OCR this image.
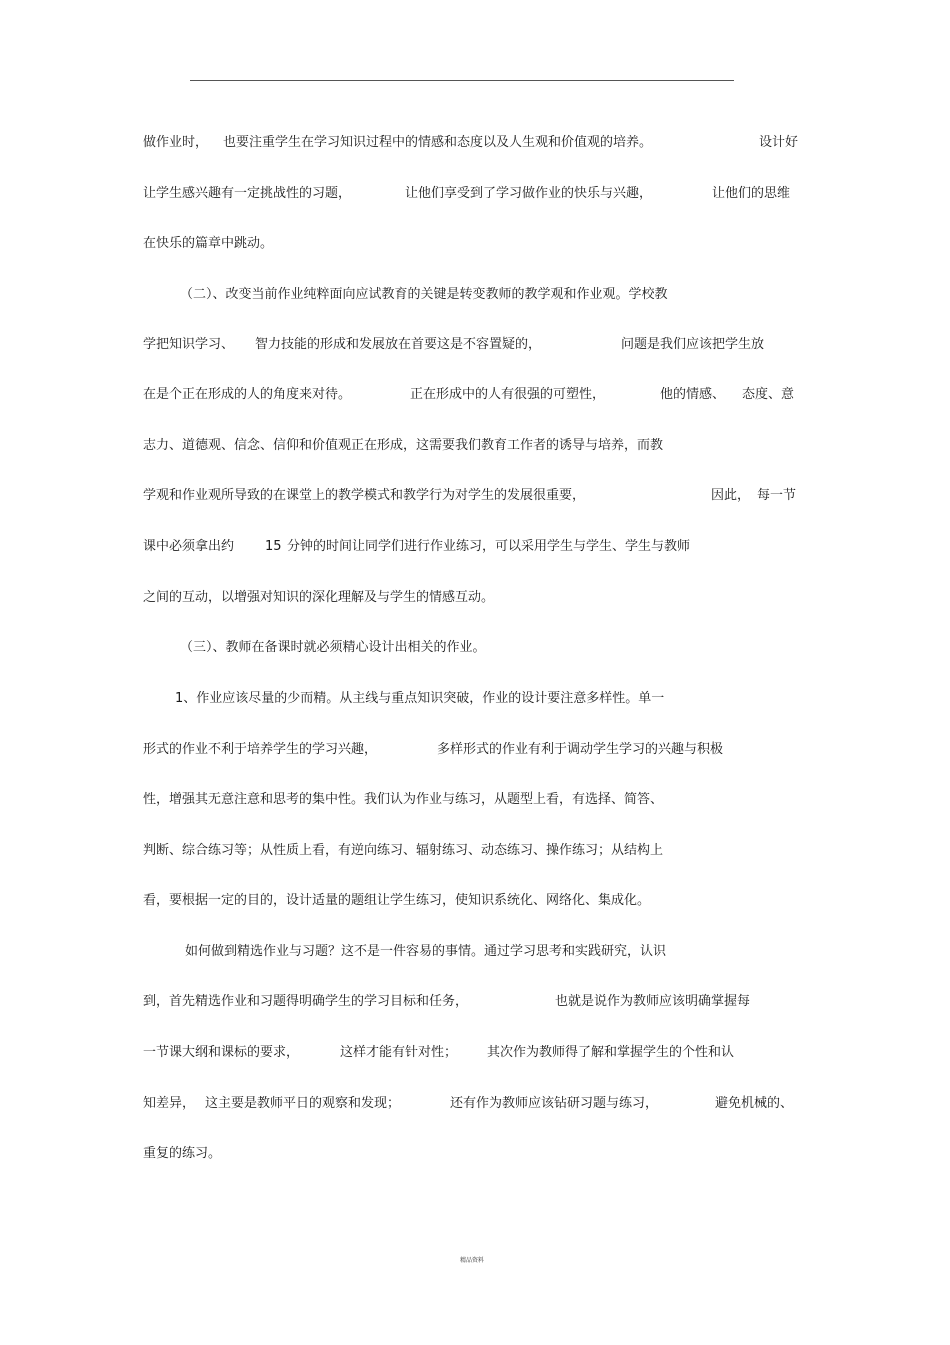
做作业时， 也要注重学生在学习知识过程中的情感和态度以及人生观和价值观的培养。	设计好
让学生感兴趣有一定挑战性的习题，	让他们享受到了学习做作业的快乐与兴趣，	让他们的思维
在快乐的篇章中跳动。
（二）、改变当前作业纯粹面向应试教育的关键是转变教师的教学观和作业观。学校教
学把知识学习、 智力技能的形成和发展放在首要这是不容置疑的，	问题是我们应该把学生放
在是个正在形成的人的角度来对待。	正在形成中的人有很强的可塑性，	他的情感、 态度、意
志力、道德观、信念、信仰和价值观正在形成，这需要我们教育工作者的诱导与培养，而教
学观和作业观所导致的在课堂上的教学模式和教学行为对学生的发展很重要，	因此， 每一节
课中必须拿出约 15 分钟的时间让同学们进行作业练习，可以采用学生与学生、学生与教师
之间的互动，以增强对知识的深化理解及与学生的情感互动。
（三）、教师在备课时就必须精心设计出相关的作业。
1、作业应该尽量的少而精。从主线与重点知识突破，作业的设计要注意多样性。单一
形式的作业不利于培养学生的学习兴趣，	多样形式的作业有利于调动学生学习的兴趣与积极
性，增强其无意注意和思考的集中性。我们认为作业与练习，从题型上看，有选择、简答、
判断、综合练习等；从性质上看，有逆向练习、辐射练习、动态练习、操作练习；从结构上
看，要根据一定的目的，设计适量的题组让学生练习，使知识系统化、网络化、集成化。
如何做到精选作业与习题？这不是一件容易的事情。通过学习思考和实践研究，认识
到，首先精选作业和习题得明确学生的学习目标和任务，	也就是说作为教师应该明确掌握每
一节课大纲和课标的要求，	这样才能有针对性； 其次作为教师得了解和掌握学生的个性和认
知差异， 这主要是教师平日的观察和发现；	还有作为教师应该钻研习题与练习，	避免机械的、
重复的练习。
精品资料
